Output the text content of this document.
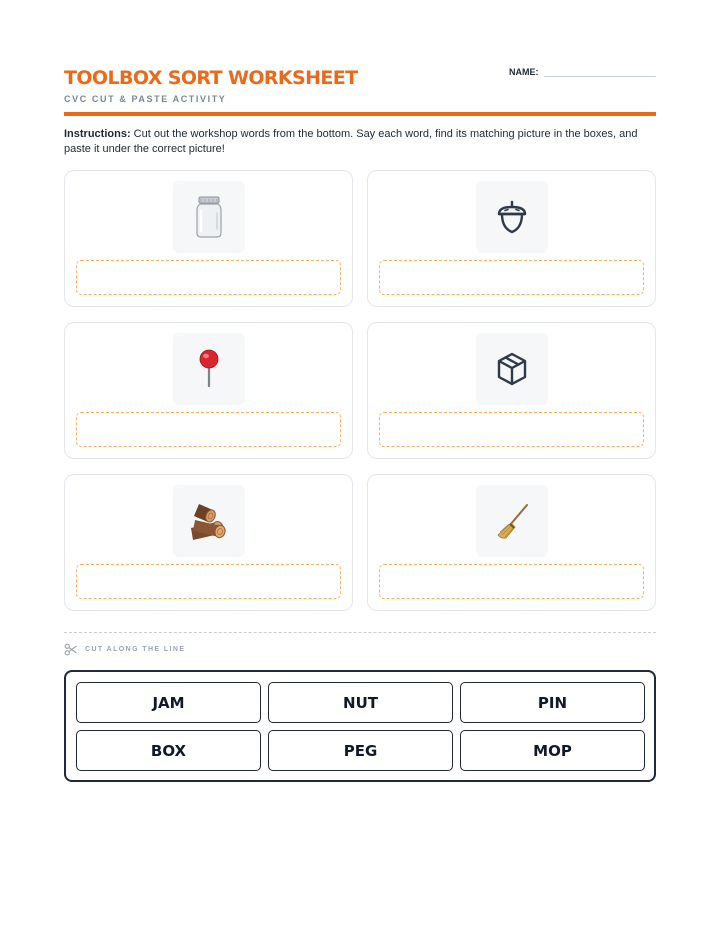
TOOLBOX SORT WORKSHEET
CVC CUT & PASTE ACTIVITY
NAME:
Instructions: Cut out the workshop words from the bottom. Say each word, find its matching picture in the boxes, and paste it under the correct picture!
CUT ALONG THE LINE
JAM	NUT	PIN
BOX	PEG	MOP
